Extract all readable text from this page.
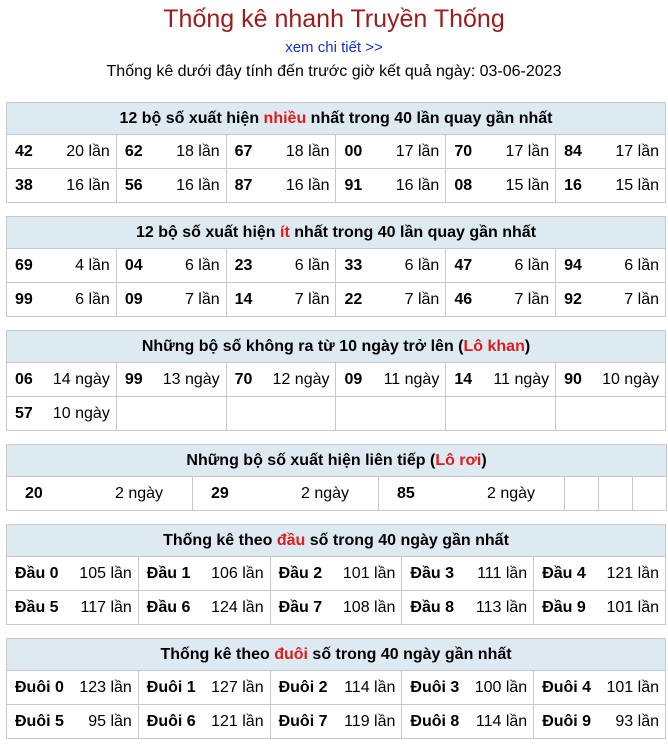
Thống kê nhanh Truyền Thống
xem chi tiết >>
Thống kê dưới đây tính đến trước giờ kết quả ngày: 03-06-2023
12 bộ số xuất hiện nhiều nhất trong 40 lần quay gần nhất					

42 20 lần	62 18 lần	67 18 lần	00 17 lần	70 17 lần	84 17 lần

38 16 lần	56 16 lần	87 16 lần	91 16 lần	08 15 lần	16 15 lần
12 bộ số xuất hiện ít nhất trong 40 lần quay gần nhất					

69 4 lần	04 6 lần	23 6 lần	33 6 lần	47 6 lần	94 6 lần

99 6 lần	09 7 lần	14 7 lần	22 7 lần	46 7 lần	92 7 lần
Những bộ số không ra từ 10 ngày trở lên (Lô khan)					

06 14 ngày	99 13 ngày	70 12 ngày	09 11 ngày	14 11 ngày	90 10 ngày

57 10 ngày					

Những bộ số xuất hiện liên tiếp (Lô rơi)

20	2 ngày	29	2 ngày	85	2 ngày

Thống kê theo đầu số trong 40 ngày gần nhất				

Đầu 0 105 lần	Đầu 1 106 lần	Đầu 2 101 lần	Đầu 3 111 lần	Đầu 4 121 lần

Đầu 5 117 lần	Đầu 6 124 lần	Đầu 7 108 lần	Đầu 8 113 lần	Đầu 9 101 lần
Thống kê theo đuôi số trong 40 ngày gần nhất				

Đuôi 0 123 lần	Đuôi 1 127 lần	Đuôi 2 114 lần	Đuôi 3 100 lần	Đuôi 4 101 lần

Đuôi 5 95 lần	Đuôi 6 121 lần	Đuôi 7 119 lần	Đuôi 8 114 lần	Đuôi 9 93 lần
